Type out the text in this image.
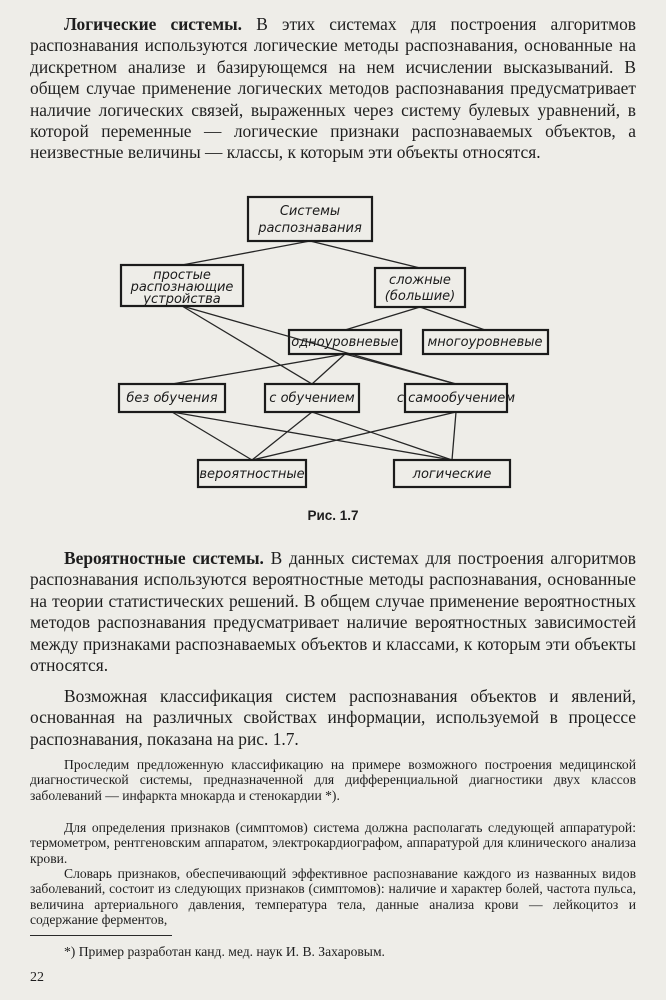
Логические системы. В этих системах для построения алгоритмов распознавания используются логические методы распознавания, основанные на дискретном анализе и базирующемся на нем исчислении высказываний. В общем случае применение логических методов распознавания предусматривает наличие логических связей, выраженных через систему булевых уравнений, в которой переменные — логические признаки распознаваемых объектов, а неизвестные величины — классы, к которым эти объекты относятся.

Системы
распознавания
простые
распознающие
устройства
сложные
(большие)
одноуровневые многоуровневые
без обучения	с обучением	с самообучением
вероятностные	логические
Рис. 1.7

Вероятностные системы. В данных системах для построения алгоритмов распознавания используются вероятностные методы распознавания, основанные на теории статистических решений. В общем случае применение вероятностных методов распознавания предусматривает наличие вероятностных зависимостей между признаками распознаваемых объектов и классами, к которым эти объекты относятся.

Возможная классификация систем распознавания объектов и явлений, основанная на различных свойствах информации, используемой в процессе распознавания, показана на рис. 1.7.

Проследим предложенную классификацию на примере возможного построения медицинской диагностической системы, предназначенной для дифференциальной диагностики двух классов заболеваний — инфаркта мнокарда и стенокардии *).

Для определения признаков (симптомов) система должна располагать следующей аппаратурой: термометром, рентгеновским аппаратом, электрокардиографом, аппаратурой для клинического анализа крови.

Словарь признаков, обеспечивающий эффективное распознавание каждого из названных видов заболеваний, состоит из следующих признаков (симптомов): наличие и характер болей, частота пульса, величина артериального давления, температура тела, данные анализа крови — лейкоцитоз и содержание ферментов,

*) Пример разработан канд. мед. наук И. В. Захаровым.
22
